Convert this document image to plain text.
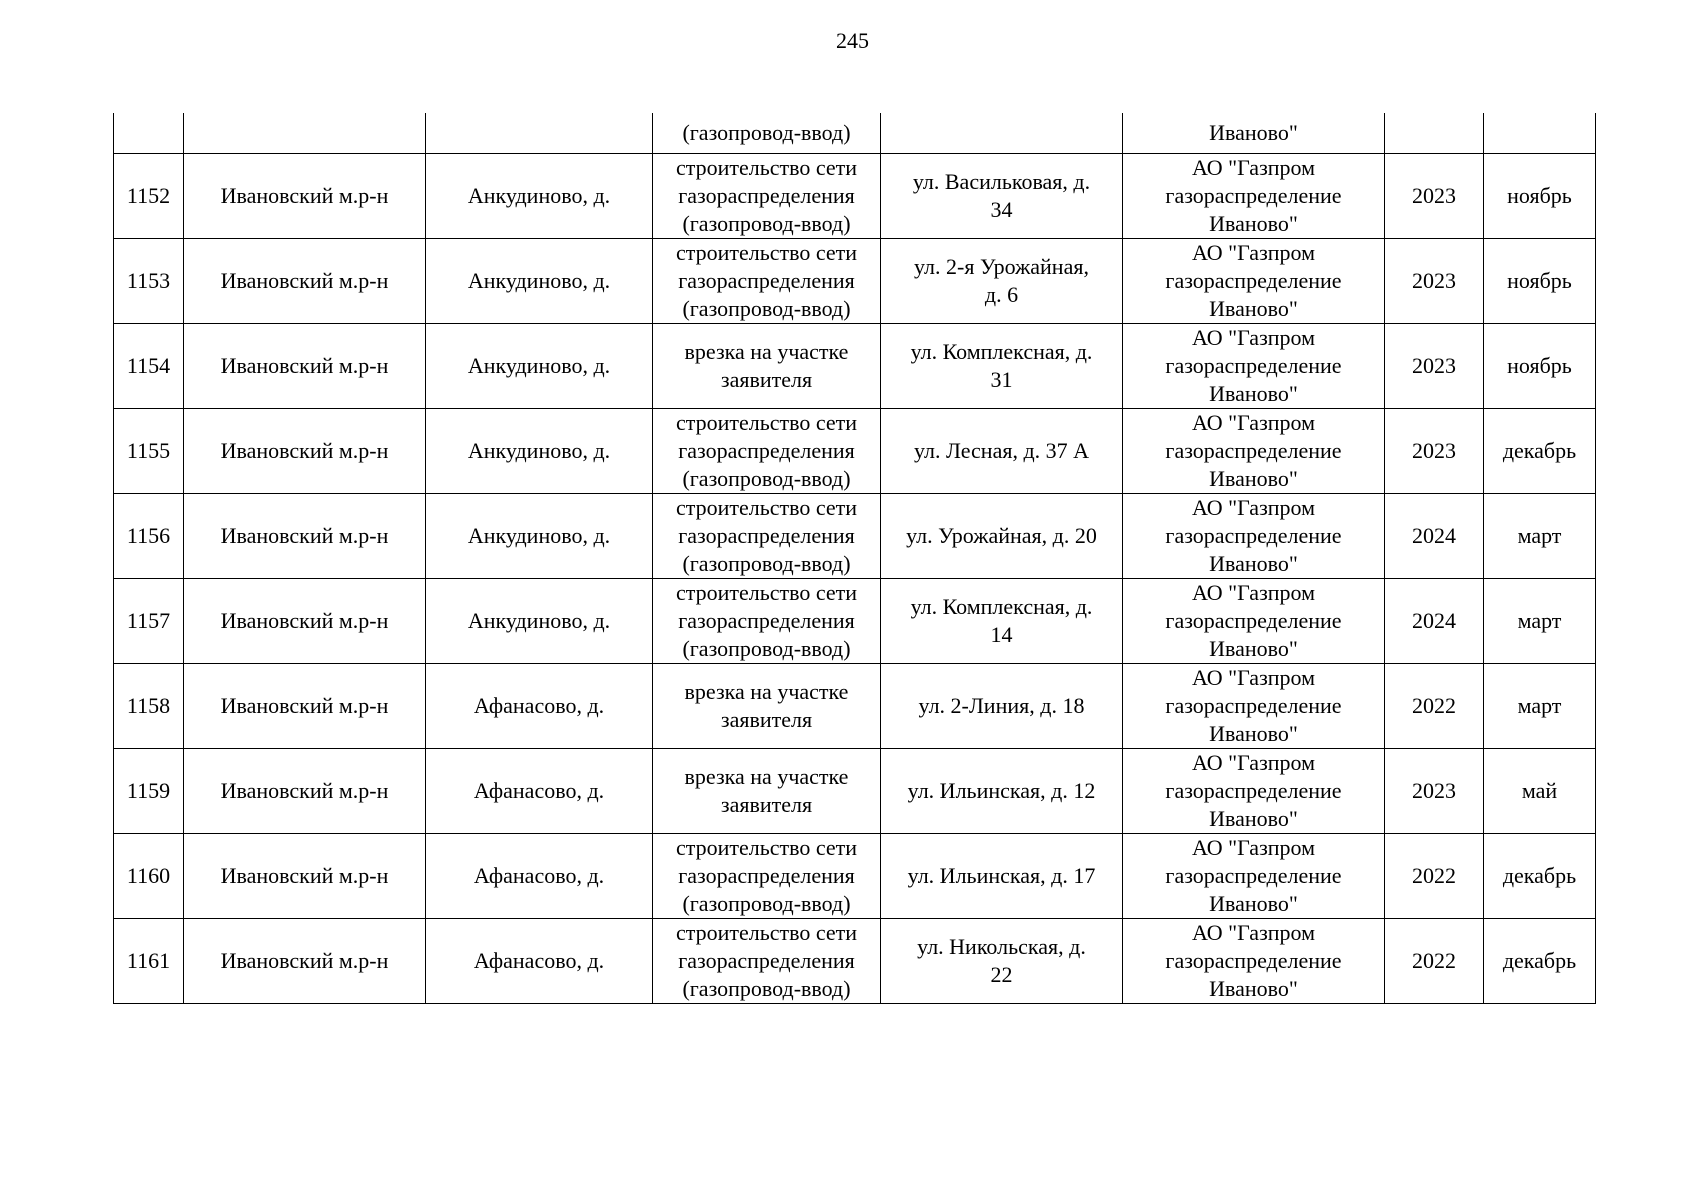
245

			(газопровод-ввод)		Иваново"		

1152	Ивановский м.р-н	Анкудиново, д.	строительство сети
газораспределения
(газопровод-ввод)	ул. Васильковая, д.
34	АО "Газпром
газораспределение
Иваново"	2023	ноябрь
1153	Ивановский м.р-н	Анкудиново, д.	строительство сети
газораспределения
(газопровод-ввод)	ул. 2-я Урожайная,
д. 6	АО "Газпром
газораспределение
Иваново"	2023	ноябрь
1154	Ивановский м.р-н	Анкудиново, д.	врезка на участке
заявителя	ул. Комплексная, д.
31	АО "Газпром
газораспределение
Иваново"	2023	ноябрь
1155	Ивановский м.р-н	Анкудиново, д.	строительство сети
газораспределения
(газопровод-ввод)	ул. Лесная, д. 37 А	АО "Газпром
газораспределение
Иваново"	2023	декабрь
1156	Ивановский м.р-н	Анкудиново, д.	строительство сети
газораспределения
(газопровод-ввод)	ул. Урожайная, д. 20	АО "Газпром
газораспределение
Иваново"	2024	март
1157	Ивановский м.р-н	Анкудиново, д.	строительство сети
газораспределения
(газопровод-ввод)	ул. Комплексная, д.
14	АО "Газпром
газораспределение
Иваново"	2024	март
1158	Ивановский м.р-н	Афанасово, д.	врезка на участке
заявителя	ул. 2-Линия, д. 18	АО "Газпром
газораспределение
Иваново"	2022	март
1159	Ивановский м.р-н	Афанасово, д.	врезка на участке
заявителя	ул. Ильинская, д. 12	АО "Газпром
газораспределение
Иваново"	2023	май
1160	Ивановский м.р-н	Афанасово, д.	строительство сети
газораспределения
(газопровод-ввод)	ул. Ильинская, д. 17	АО "Газпром
газораспределение
Иваново"	2022	декабрь
1161	Ивановский м.р-н	Афанасово, д.	строительство сети
газораспределения
(газопровод-ввод)	ул. Никольская, д.
22	АО "Газпром
газораспределение
Иваново"	2022	декабрь
